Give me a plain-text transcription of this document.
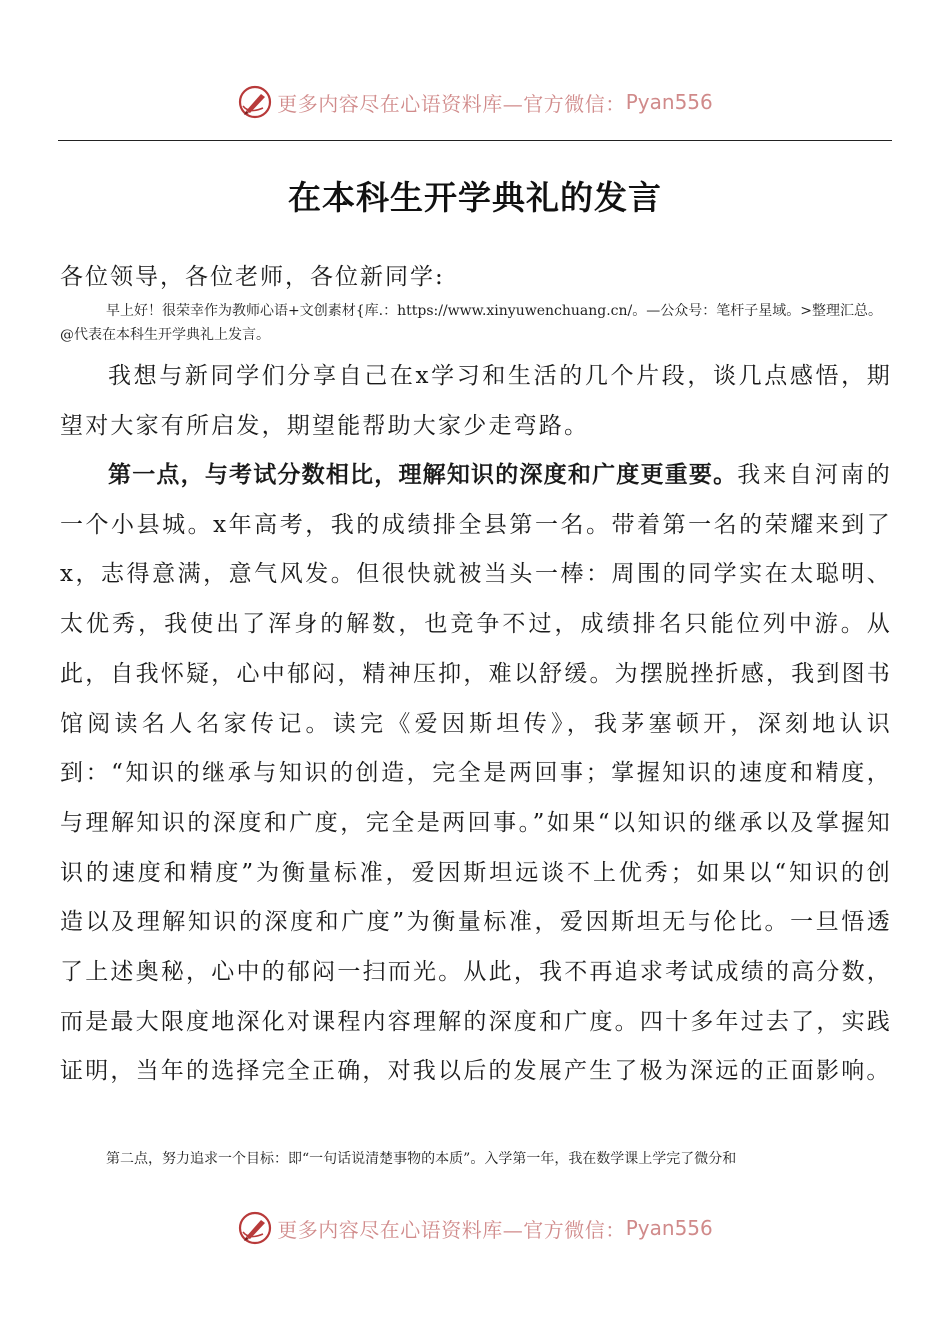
更多内容尽在心语资料库—官方微信： Pyan556
在本科生开学典礼的发言
各位领导，各位老师，各位新同学:
早上好！很荣幸作为教师心语+文创素材{库.：https://www.xinyuwenchuang.cn/。—公众号：笔杆子星域。>整理汇总。@代表在本科生开学典礼上发言。
我想与新同学们分享自己在x学习和生活的几个片段，谈几点感悟，期望对大家有所启发，期望能帮助大家少走弯路。
第一点，与考试分数相比，理解知识的深度和广度更重要。我来自河南的一个小县城。x年高考，我的成绩排全县第一名。带着第一名的荣耀来到了x，志得意满，意气风发。但很快就被当头一棒：周围的同学实在太聪明、太优秀，我使出了浑身的解数，也竞争不过，成绩排名只能位列中游。从此，自我怀疑，心中郁闷，精神压抑，难以舒缓。为摆脱挫折感，我到图书馆阅读名人名家传记。读完《爱因斯坦传》，我茅塞顿开，深刻地认识到：“知识的继承与知识的创造，完全是两回事；掌握知识的速度和精度，与理解知识的深度和广度，完全是两回事。”如果“以知识的继承以及掌握知识的速度和精度”为衡量标准，爱因斯坦远谈不上优秀；如果以“知识的创造以及理解知识的深度和广度”为衡量标准，爱因斯坦无与伦比。一旦悟透了上述奥秘，心中的郁闷一扫而光。从此，我不再追求考试成绩的高分数，而是最大限度地深化对课程内容理解的深度和广度。四十多年过去了，实践证明，当年的选择完全正确，对我以后的发展产生了极为深远的正面影响。
第二点，努力追求一个目标：即“一句话说清楚事物的本质”。入学第一年，我在数学课上学完了微分和
更多内容尽在心语资料库—官方微信： Pyan556
